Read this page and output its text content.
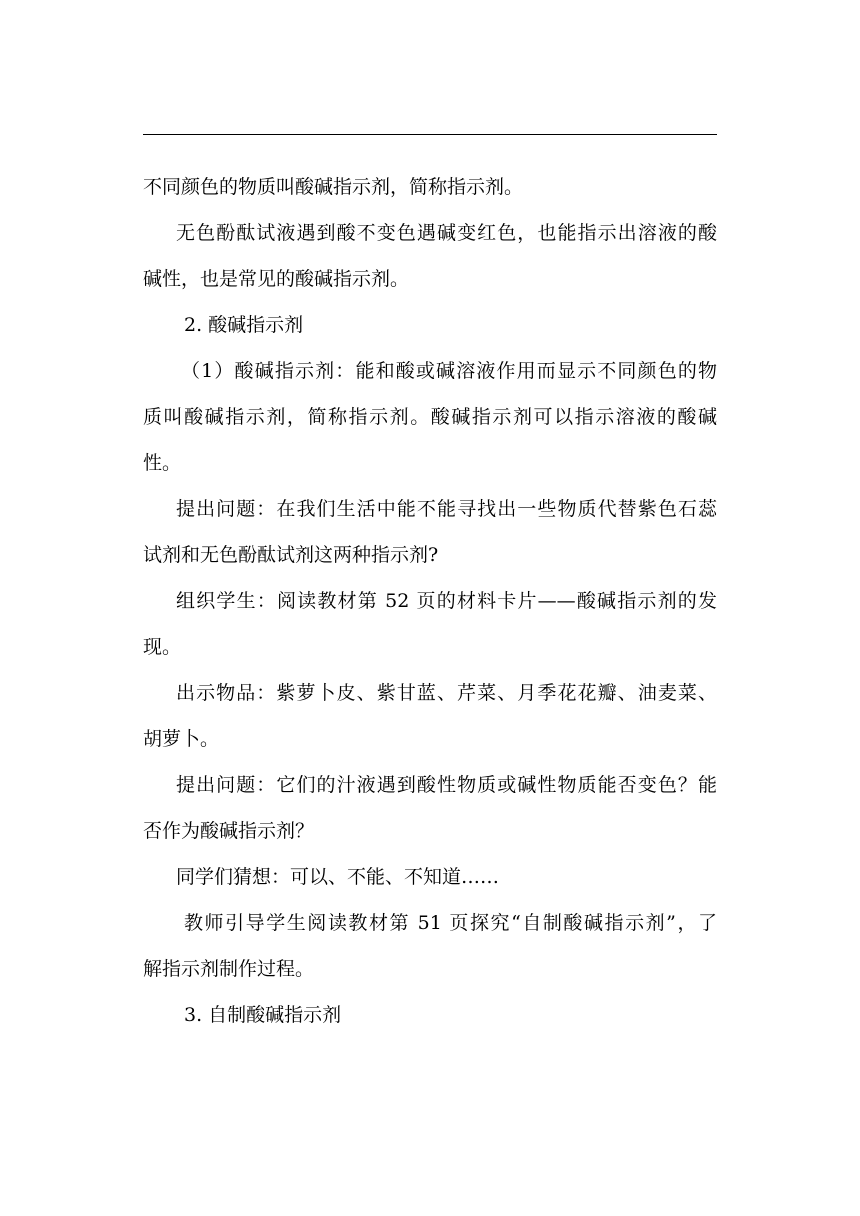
不同颜色的物质叫酸碱指示剂，简称指示剂。
无色酚酞试液遇到酸不变色遇碱变红色，也能指示出溶液的酸
碱性，也是常见的酸碱指示剂。
2. 酸碱指示剂
（1）酸碱指示剂：能和酸或碱溶液作用而显示不同颜色的物
质叫酸碱指示剂，简称指示剂。酸碱指示剂可以指示溶液的酸碱
性。
提出问题：在我们生活中能不能寻找出一些物质代替紫色石蕊
试剂和无色酚酞试剂这两种指示剂?
组织学生：阅读教材第 52 页的材料卡片——酸碱指示剂的发
现。
出示物品：紫萝卜皮、紫甘蓝、芹菜、月季花花瓣、油麦菜、
胡萝卜。
提出问题：它们的汁液遇到酸性物质或碱性物质能否变色？能
否作为酸碱指示剂？
同学们猜想：可以、不能、不知道……
教师引导学生阅读教材第 51 页探究“自制酸碱指示剂”，了
解指示剂制作过程。
3. 自制酸碱指示剂
